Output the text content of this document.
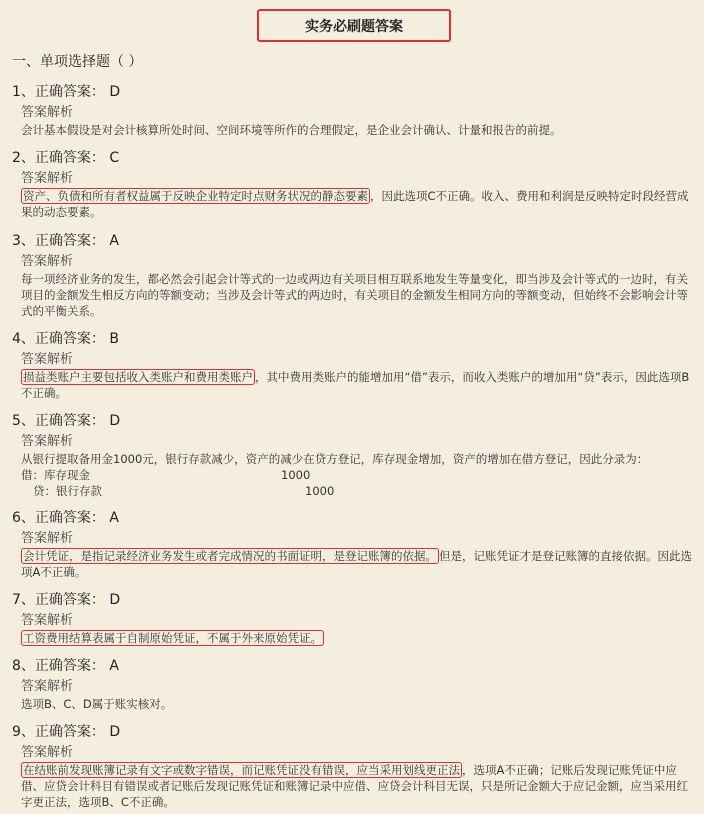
实务必刷题答案
一、单项选择题（ ）
1、正确答案： D
答案解析
会计基本假设是对会计核算所处时间、空间环境等所作的合理假定，是企业会计确认、计量和报告的前提。
2、正确答案： C
答案解析
资产、负债和所有者权益属于反映企业特定时点财务状况的静态要素 ，因此选项C不正确。收入、费用和利润是反映特定时段经营成果的动态要素。
3、正确答案： A
答案解析
每一项经济业务的发生，都必然会引起会计等式的一边或两边有关项目相互联系地发生等量变化，即当涉及会计等式的一边时，有关项目的金额发生相反方向的等额变动；当涉及会计等式的两边时，有关项目的金额发生相同方向的等额变动，但始终不会影响会计等式的平衡关系。
4、正确答案： B
答案解析
损益类账户主要包括收入类账户和费用类账户 ，其中费用类账户的能增加用“借”表示，而收入类账户的增加用“贷”表示，因此选项B不正确。
5、正确答案： D
答案解析
从银行提取备用金1000元，银行存款减少，资产的减少在贷方登记，库存现金增加，资产的增加在借方登记，因此分录为：
借：库存现金	1000
贷：银行存款	1000
6、正确答案： A
答案解析
会计凭证，是指记录经济业务发生或者完成情况的书面证明，是登记账簿的依据。 但是，记账凭证才是登记账簿的直接依据。因此选项A不正确。
7、正确答案： D
答案解析
工资费用结算表属于自制原始凭证，不属于外来原始凭证。
8、正确答案： A
答案解析
选项B、C、D属于账实核对。
9、正确答案： D
答案解析
在结账前发现账簿记录有文字或数字错误，而记账凭证没有错误，应当采用划线更正法 ，选项A不正确；记账后发现记账凭证中应借、应贷会计科目有错误或者记账后发现记账凭证和账簿记录中应借、应贷会计科目无误，只是所记金额大于应记金额，应当采用红字更正法，选项B、C不正确。
